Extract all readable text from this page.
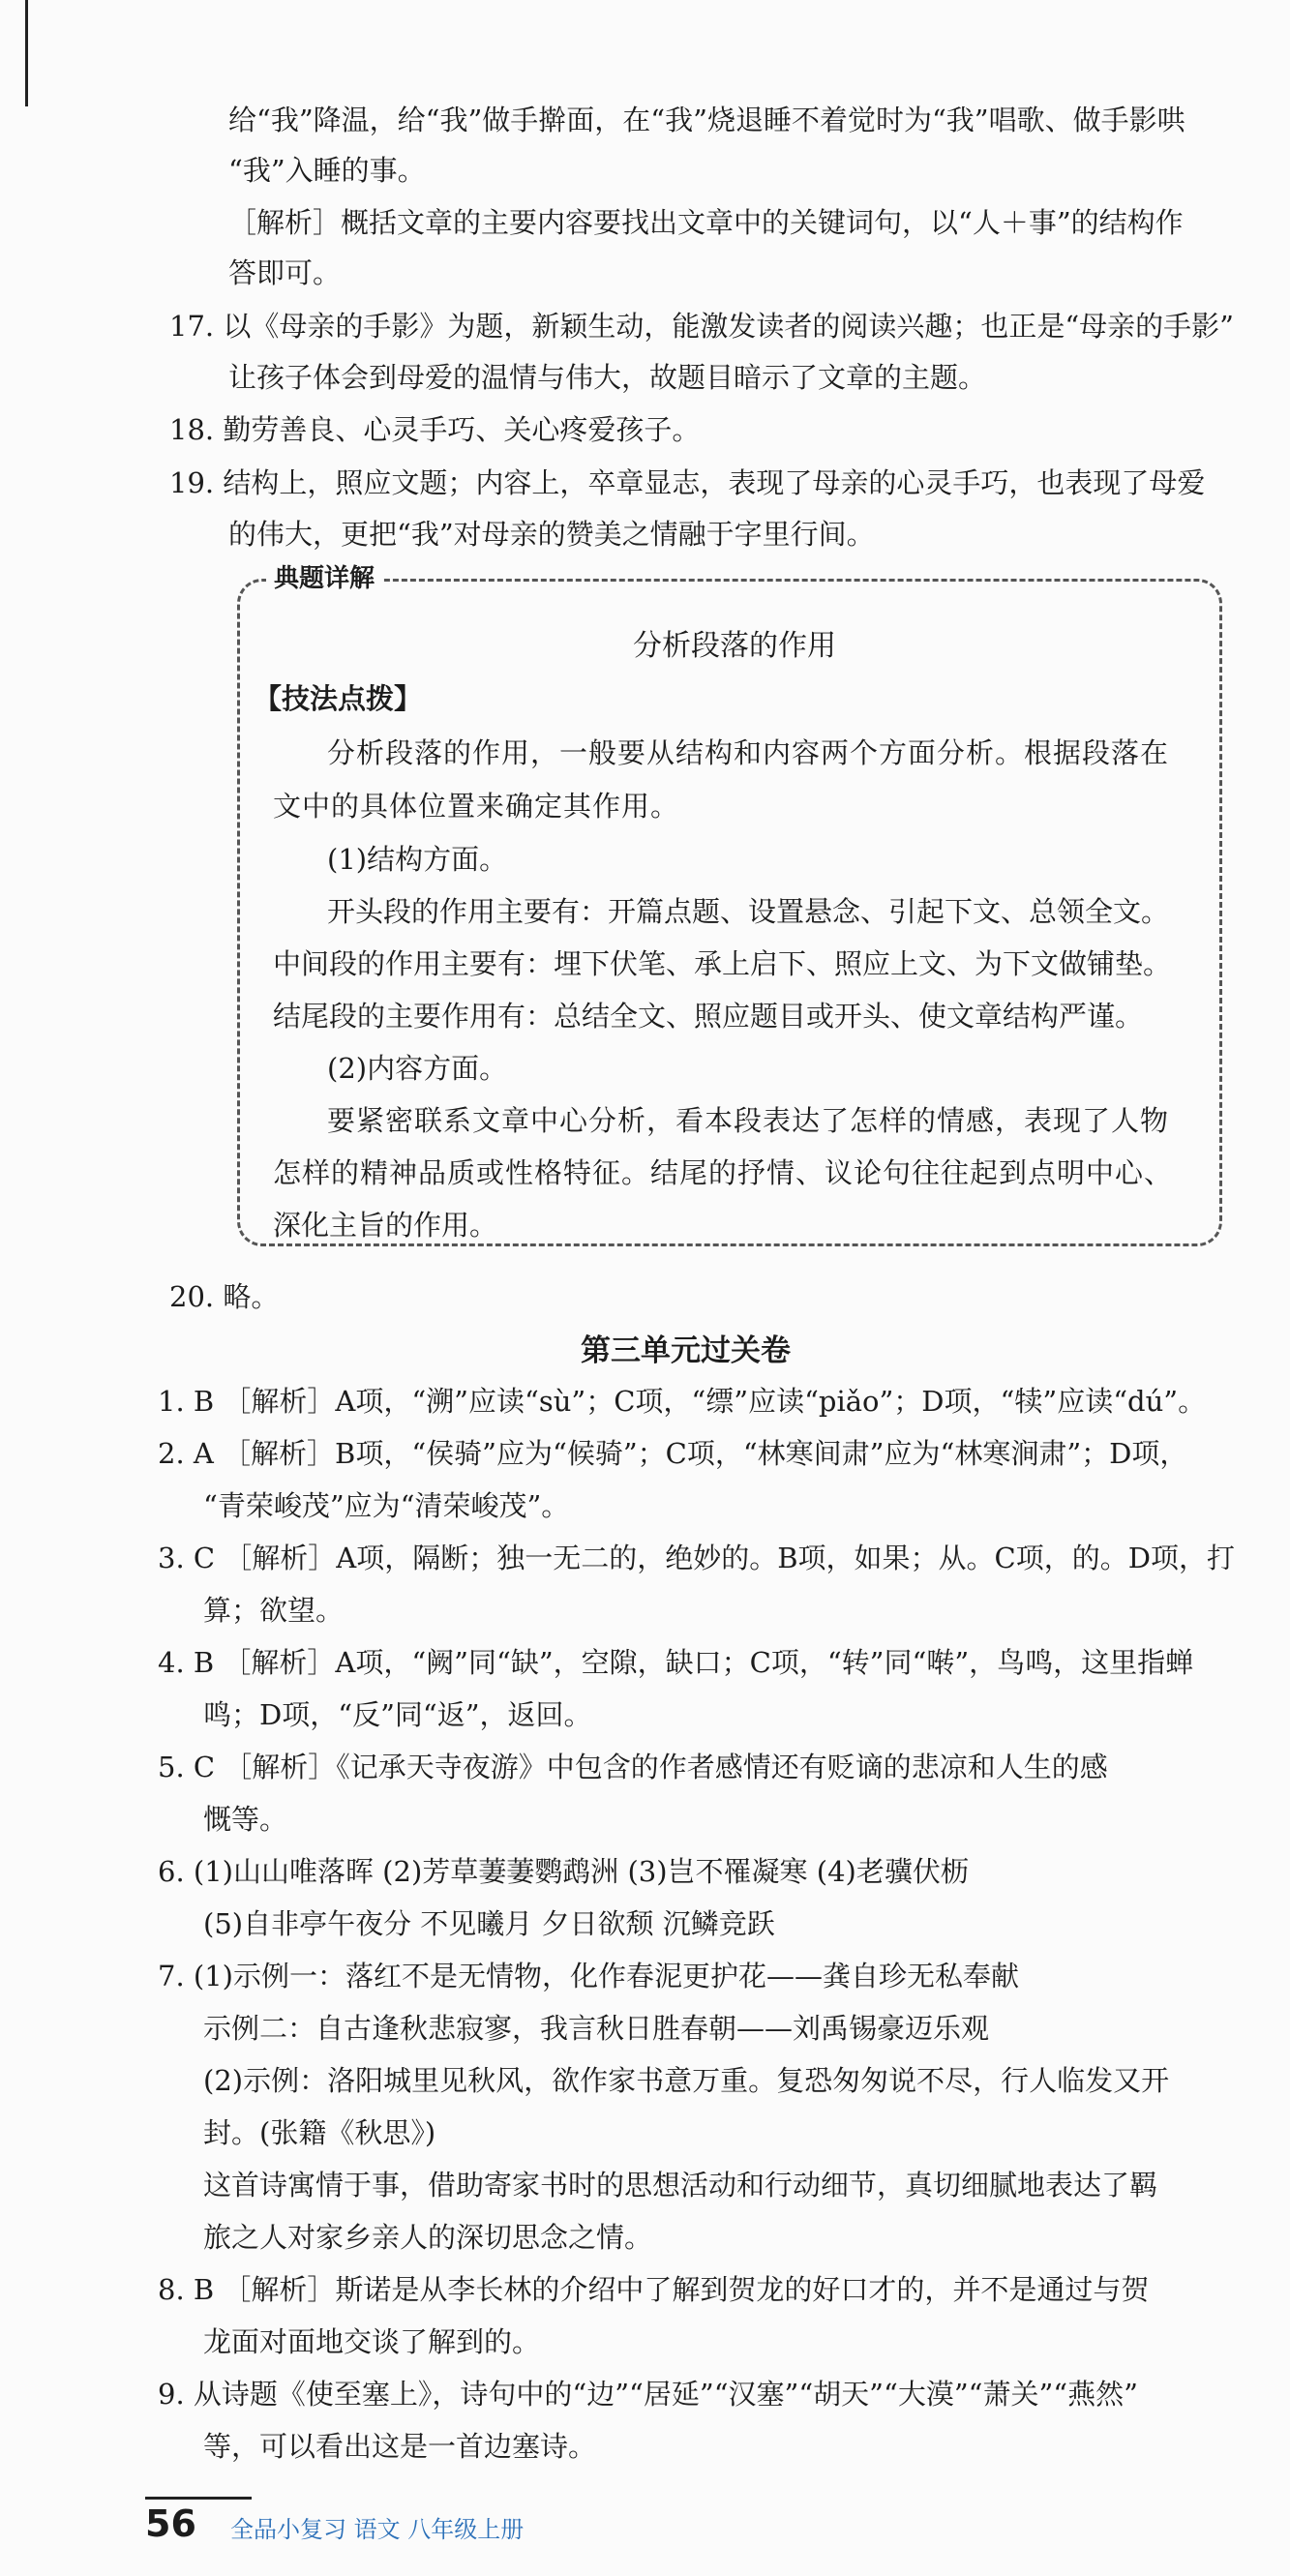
给“我”降温，给“我”做手擀面，在“我”烧退睡不着觉时为“我”唱歌、做手影哄
“我”入睡的事。
［解析］概括文章的主要内容要找出文章中的关键词句，以“人＋事”的结构作
答即可。
17. 以《母亲的手影》为题，新颖生动，能激发读者的阅读兴趣；也正是“母亲的手影”
让孩子体会到母爱的温情与伟大，故题目暗示了文章的主题。
18. 勤劳善良、心灵手巧、关心疼爱孩子。
19. 结构上，照应文题；内容上，卒章显志，表现了母亲的心灵手巧，也表现了母爱
的伟大，更把“我”对母亲的赞美之情融于字里行间。
典题详解
分析段落的作用
【技法点拨】
分析段落的作用，一般要从结构和内容两个方面分析。根据段落在
文中的具体位置来确定其作用。
(1)结构方面。
开头段的作用主要有：开篇点题、设置悬念、引起下文、总领全文。
中间段的作用主要有：埋下伏笔、承上启下、照应上文、为下文做铺垫。
结尾段的主要作用有：总结全文、照应题目或开头、使文章结构严谨。
(2)内容方面。
要紧密联系文章中心分析，看本段表达了怎样的情感，表现了人物
怎样的精神品质或性格特征。结尾的抒情、议论句往往起到点明中心、
深化主旨的作用。
20. 略。
第三单元过关卷
1. B ［解析］A项，“溯”应读“sù”；C项，“缥”应读“piǎo”；D项，“犊”应读“dú”。
2. A ［解析］B项，“侯骑”应为“候骑”；C项，“林寒间肃”应为“林寒涧肃”；D项，
“青荣峻茂”应为“清荣峻茂”。
3. C ［解析］A项，隔断；独一无二的，绝妙的。B项，如果；从。C项，的。D项，打
算；欲望。
4. B ［解析］A项，“阙”同“缺”，空隙，缺口；C项，“转”同“啭”，鸟鸣，这里指蝉
鸣；D项，“反”同“返”，返回。
5. C ［解析］《记承天寺夜游》中包含的作者感情还有贬谪的悲凉和人生的感
慨等。
6. (1)山山唯落晖 (2)芳草萋萋鹦鹉洲 (3)岂不罹凝寒 (4)老骥伏枥
(5)自非亭午夜分 不见曦月 夕日欲颓 沉鳞竞跃
7. (1)示例一：落红不是无情物，化作春泥更护花——龚自珍无私奉献
示例二：自古逢秋悲寂寥，我言秋日胜春朝——刘禹锡豪迈乐观
(2)示例：洛阳城里见秋风，欲作家书意万重。复恐匆匆说不尽，行人临发又开
封。(张籍《秋思》)
这首诗寓情于事，借助寄家书时的思想活动和行动细节，真切细腻地表达了羁
旅之人对家乡亲人的深切思念之情。
8. B ［解析］斯诺是从李长林的介绍中了解到贺龙的好口才的，并不是通过与贺
龙面对面地交谈了解到的。
9. 从诗题《使至塞上》，诗句中的“边”“居延”“汉塞”“胡天”“大漠”“萧关”“燕然”
等，可以看出这是一首边塞诗。
56 全品小复习 语文 八年级上册
